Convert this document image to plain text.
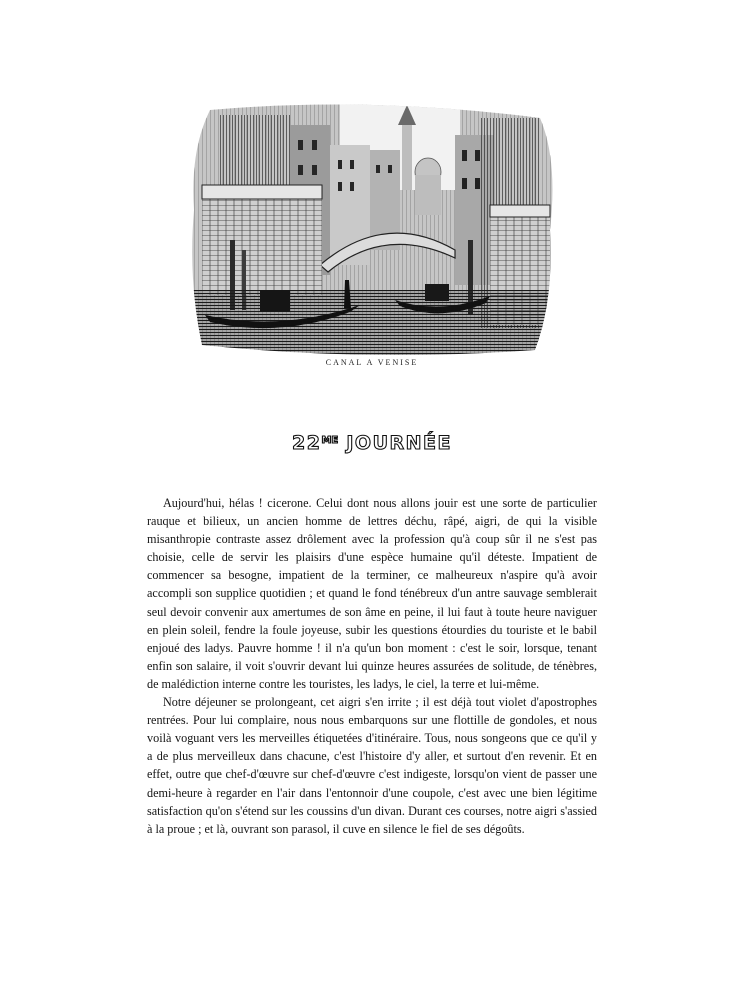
CANAL A VENISE
$22^{ME}$ JOURNÉE

Aujourd'hui, hélas ! cicerone. Celui dont nous allons jouir est une sorte de particulier rauque et bilieux, un ancien homme de lettres déchu, râpé, aigri, de qui la visible misanthropie contraste assez drôlement avec la profession qu'à coup sûr il ne s'est pas choisie, celle de servir les plaisirs d'une espèce humaine qu'il déteste. Impatient de commencer sa besogne, impatient de la terminer, ce malheureux n'aspire qu'à avoir accompli son supplice quotidien ; et quand le fond ténébreux d'un antre sauvage semblerait seul devoir convenir aux amertumes de son âme en peine, il lui faut à toute heure naviguer en plein soleil, fendre la foule joyeuse, subir les questions étourdies du touriste et le babil enjoué des ladys. Pauvre homme ! il n'a qu'un bon moment : c'est le soir, lorsque, tenant enfin son salaire, il voit s'ouvrir devant lui quinze heures assurées de solitude, de ténèbres, de malédiction interne contre les touristes, les ladys, le ciel, la terre et lui-même.

Notre déjeuner se prolongeant, cet aigri s'en irrite ; il est déjà tout violet d'apostrophes rentrées. Pour lui complaire, nous nous embarquons sur une flottille de gondoles, et nous voilà voguant vers les merveilles étiquetées d'itinéraire. Tous, nous songeons que ce qu'il y a de plus merveilleux dans chacune, c'est l'histoire d'y aller, et surtout d'en revenir. Et en effet, outre que chef-d'œuvre sur chef-d'œuvre c'est indigeste, lorsqu'on vient de passer une demi-heure à regarder en l'air dans l'entonnoir d'une coupole, c'est avec une bien légitime satisfaction qu'on s'étend sur les coussins d'un divan. Durant ces courses, notre aigri s'assied à la proue ; et là, ouvrant son parasol, il cuve en silence le fiel de ses dégoûts.
